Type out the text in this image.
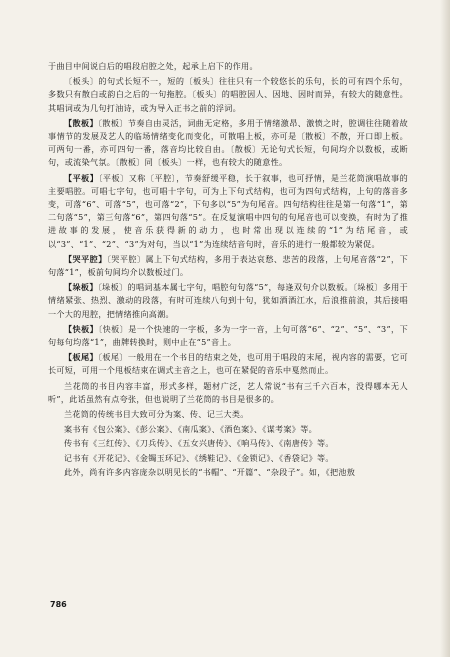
于曲目中间说白后的唱段启腔之处，起承上启下的作用。

〔板头〕的句式长短不一，短的〔板头〕往往只有一个较悠长的乐句，长的可有四个乐句，多数只有散白或韵白之后的一句拖腔。〔板头〕的唱腔因人、因地、因时而异，有较大的随意性。其唱词或为几句打油诗，或为导入正书之前的浮词。

【散板】〔散板〕节奏自由灵活，词曲无定格，多用于情绪激昂、激愤之时，腔调往往随着故事情节的发展及艺人的临场情绪变化而变化，可散唱上板，亦可是〔散板〕不散，开口即上板。可两句一番，亦可四句一番，落音均比较自由。〔散板〕无论句式长短，句间均介以数板，或断句，或流染气氛。〔散板〕同〔板头〕一样，也有较大的随意性。

【平板】〔平板〕又称〔平腔〕，节奏舒缓平稳，长于叙事，也可抒情，是兰花筒演唱故事的主要唱腔。可唱七字句，也可唱十字句，可为上下句式结构，也可为四句式结构，上句的落音多变，可落“6”、可落“5”，也可落“2”，下句多以“5”为句尾音。四句结构往往是第一句落“1”，第二句落“5”，第三句落“6”，第四句落“5”。在反复演唱中四句的句尾音也可以变换，有时为了推进故事的发展，使音乐获得新的动力，也时常出现以连续的“1”为结尾音，或以“3”、“1”、“2”、“3”为对句，当以“1”为连续结音句时，音乐的进行一般都较为紧促。

【哭平腔】〔哭平腔〕属上下句式结构，多用于表达哀愁、悲苦的段落，上句尾音落“2”，下句落“1”，板前句间均介以数板过门。

【垛板】〔垛板〕的唱词基本属七字句，唱腔句句落“5”，每逢双句介以数板。〔垛板〕多用于情绪紧张、热烈、激动的段落，有时可连续八句到十句，犹如酒酒江水，后浪推前浪，其后接唱一个大的甩腔，把情绪推向高潮。

【快板】〔快板〕是一个快速的一字板，多为一字一音，上句可落“6”、“2”、“5”、“3”，下句每句均落“1”，曲牌转换时，则中止在“5”音上。

【板尾】〔板尾〕一般用在一个书目的结束之处，也可用于唱段的末尾，视内容的需要，它可长可短，可用一个甩板结束在调式主音之上，也可在紧促的音乐中戛然而止。

兰花筒的书目内容丰富，形式多样，题材广泛，艺人常说“书有三千六百本，没得哪本无人听”，此话虽然有点夸张，但也说明了兰花筒的书目是很多的。

兰花筒的传统书目大致可分为案、传、记三大类。

案书有《包公案》、《彭公案》、《南瓜案》、《酒色案》、《谋考案》等。

传书有《三红传》、《刀兵传》、《五女兴唐传》、《响马传》、《南唐传》等。

记书有《开花记》、《金镯玉环记》、《绣鞋记》、《金锁记》、《香袋记》等。

此外，尚有许多内容庞杂以明见长的“书帽”、“开篇”、“杂段子”。如，《把池敖

786
